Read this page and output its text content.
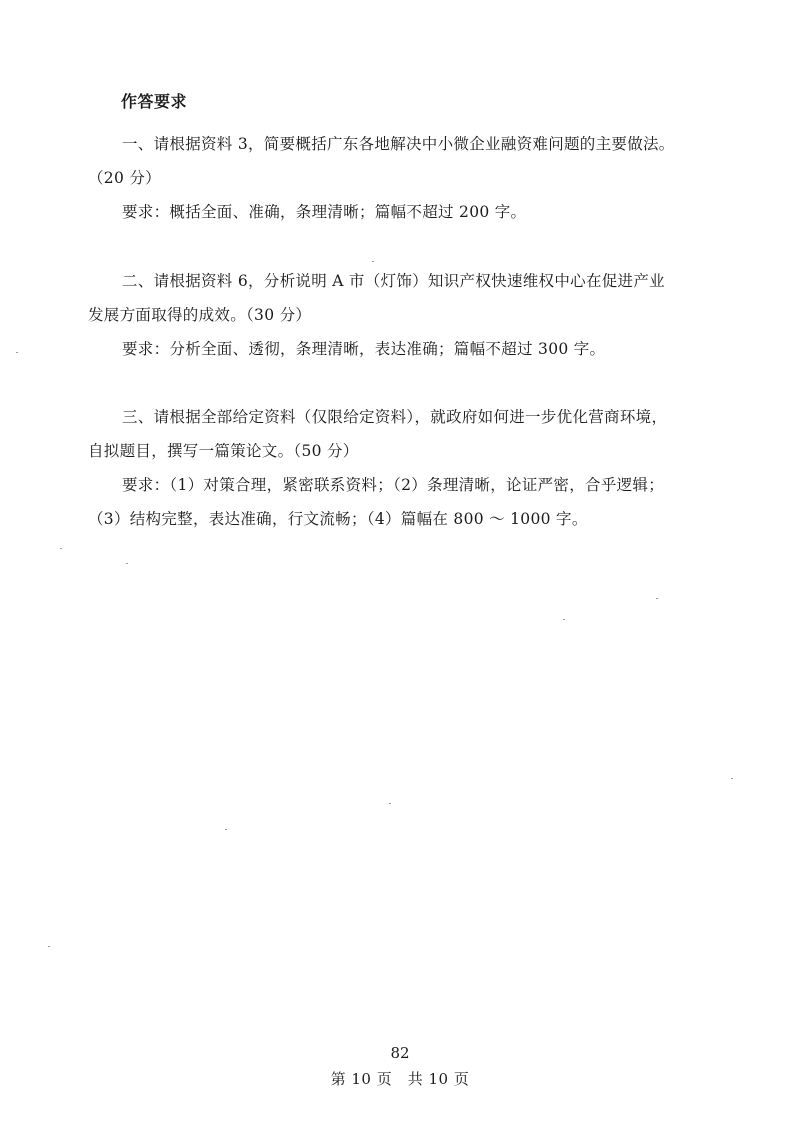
作答要求
一、请根据资料 3，简要概括广东各地解决中小微企业融资难问题的主要做法。
（20 分）
要求：概括全面、准确，条理清晰；篇幅不超过 200 字。
二、请根据资料 6，分析说明 A 市（灯饰）知识产权快速维权中心在促进产业
发展方面取得的成效。（30 分）
要求：分析全面、透彻，条理清晰，表达准确；篇幅不超过 300 字。
三、请根据全部给定资料（仅限给定资料），就政府如何进一步优化营商环境，
自拟题目，撰写一篇策论文。（50 分）
要求：（1）对策合理，紧密联系资料；（2）条理清晰，论证严密，合乎逻辑；
（3）结构完整，表达准确，行文流畅；（4）篇幅在 800 ～ 1000 字。
82
第 10 页　共 10 页
